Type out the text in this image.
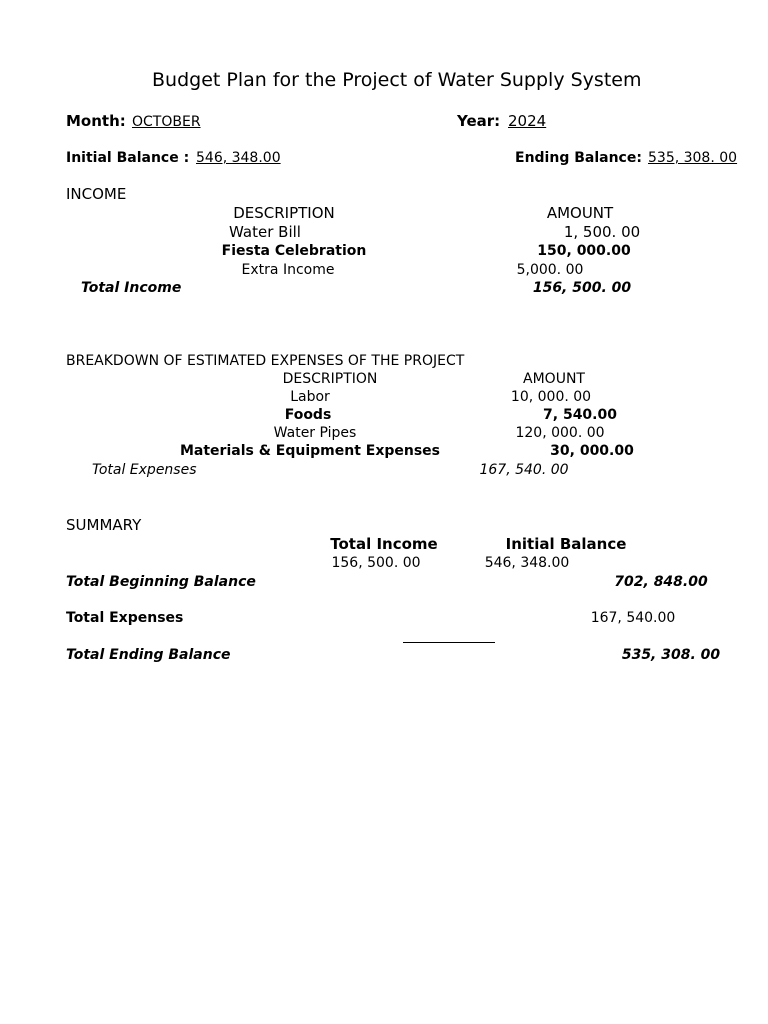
Budget Plan for the Project of Water Supply System
Month: OCTOBER	Year: 2024
Initial Balance : 546, 348.00	Ending Balance: 535, 308. 00
INCOME
DESCRIPTION	AMOUNT
Water Bill	1, 500. 00
Fiesta Celebration	150, 000.00
Extra Income	5,000. 00
Total Income	156, 500. 00
BREAKDOWN OF ESTIMATED EXPENSES OF THE PROJECT
DESCRIPTION	AMOUNT
Labor	10, 000. 00
Foods	7, 540.00
Water Pipes	120, 000. 00
Materials & Equipment Expenses	30, 000.00
Total Expenses	167, 540. 00
SUMMARY
Total Income	Initial Balance
156, 500. 00	546, 348.00
Total Beginning Balance	702, 848.00
Total Expenses	167, 540.00
Total Ending Balance	535, 308. 00
